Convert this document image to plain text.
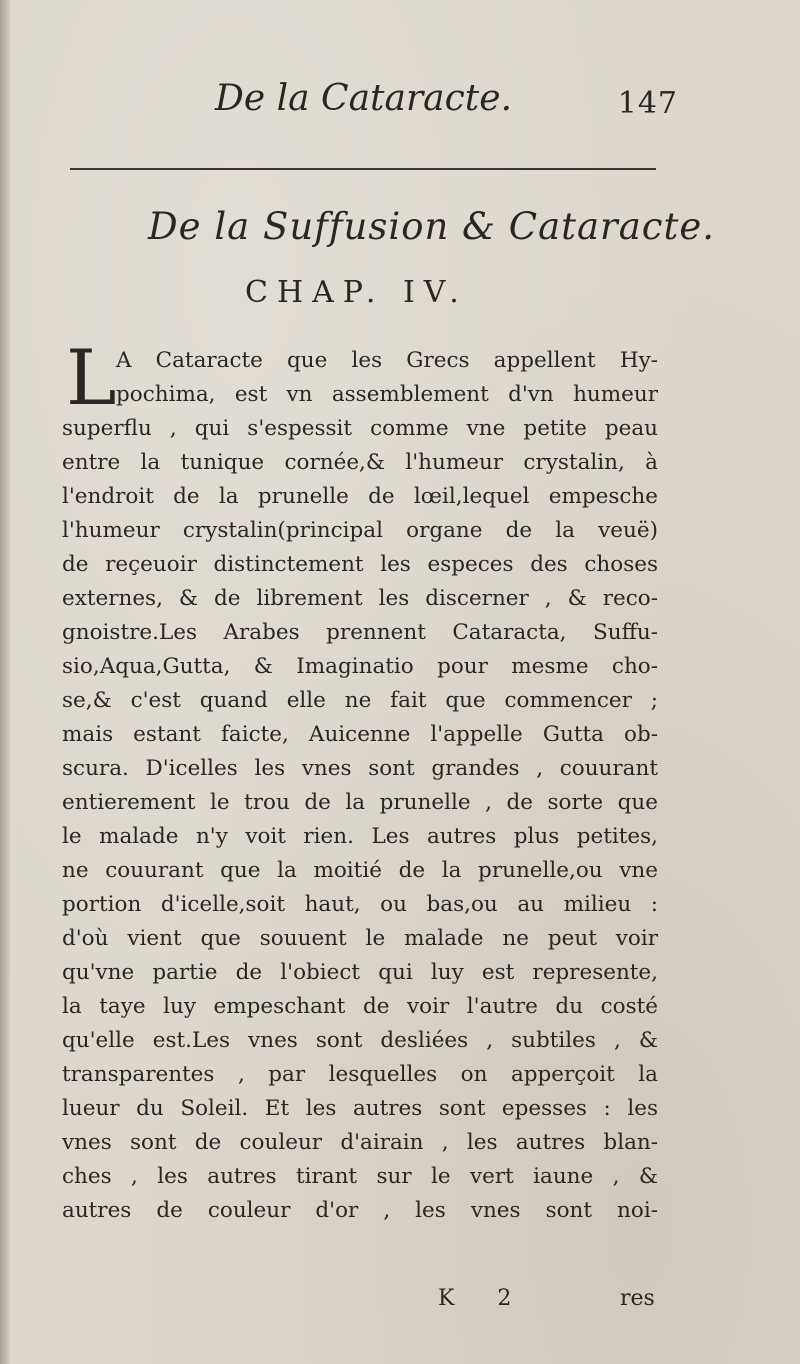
De la Cataracte.	147
De la Suffusion & Cataracte.
CHAP. IV.
L A Cataracte que les Grecs appellent Hy-
pochima, est vn assemblement d'vn humeur
superflu , qui s'espessit comme vne petite peau
entre la tunique cornée,& l'humeur crystalin, à
l'endroit de la prunelle de lœil,lequel empesche
l'humeur crystalin(principal organe de la veuë)
de reçeuoir distinctement les especes des choses
externes, & de librement les discerner , & reco-
gnoistre.Les Arabes prennent Cataracta, Suffu-
sio,Aqua,Gutta, & Imaginatio pour mesme cho-
se,& c'est quand elle ne fait que commencer ;
mais estant faicte, Auicenne l'appelle Gutta ob-
scura. D'icelles les vnes sont grandes , couurant
entierement le trou de la prunelle , de sorte que
le malade n'y voit rien. Les autres plus petites,
ne couurant que la moitié de la prunelle,ou vne
portion d'icelle,soit haut, ou bas,ou au milieu :
d'où vient que souuent le malade ne peut voir
qu'vne partie de l'obiect qui luy est represente,
la taye luy empeschant de voir l'autre du costé
qu'elle est.Les vnes sont desliées , subtiles , &
transparentes , par lesquelles on apperçoit la
lueur du Soleil. Et les autres sont epesses : les
vnes sont de couleur d'airain , les autres blan-
ches , les autres tirant sur le vert iaune , &
autres de couleur d'or , les vnes sont noi-
K 2	res
